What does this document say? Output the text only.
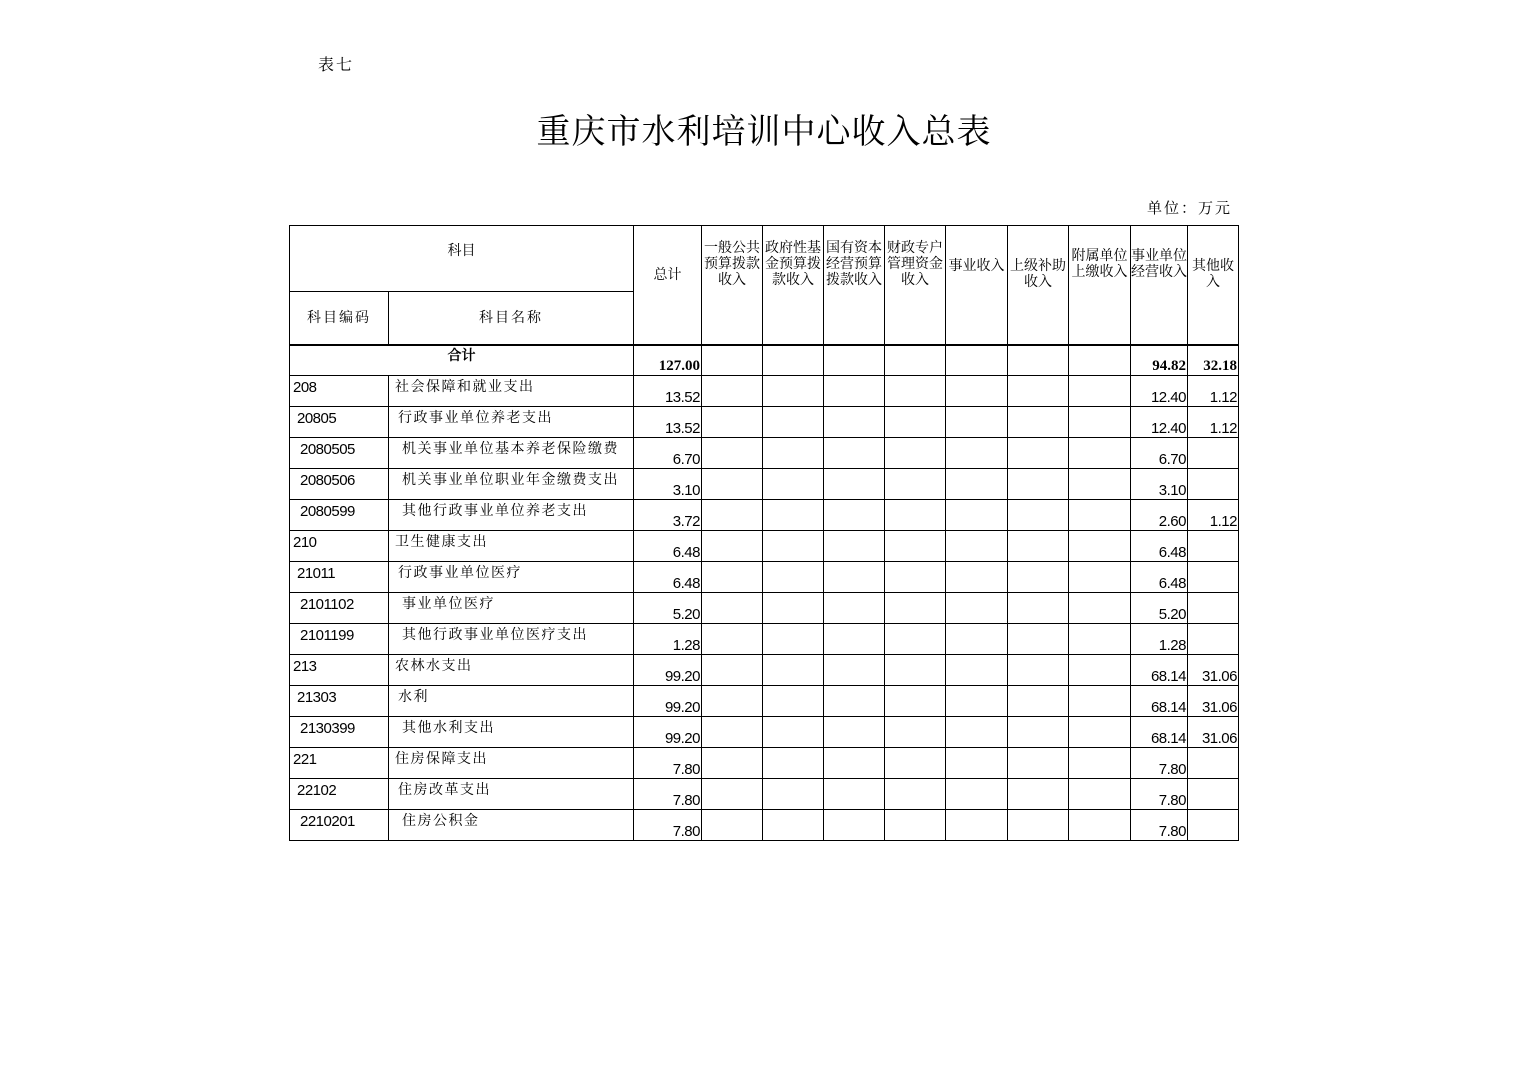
表七
重庆市水利培训中心收入总表
单位：万元
科目		总计	一般公共预算拨款收入	政府性基金预算拨款收入	国有资本经营预算拨款收入	财政专户管理资金收入	事业收入	上级补助收入	附属单位上缴收入	事业单位经营收入	其他收入
科目编码	科目名称										
合计		127.00								94.82	32.18
208	社会保障和就业支出	13.52								12.40	1.12
20805	行政事业单位养老支出	13.52								12.40	1.12
2080505	机关事业单位基本养老保险缴费	6.70								6.70	
2080506	机关事业单位职业年金缴费支出	3.10								3.10	
2080599	其他行政事业单位养老支出	3.72								2.60	1.12
210	卫生健康支出	6.48								6.48	
21011	行政事业单位医疗	6.48								6.48	
2101102	事业单位医疗	5.20								5.20	
2101199	其他行政事业单位医疗支出	1.28								1.28	
213	农林水支出	99.20								68.14	31.06
21303	水利	99.20								68.14	31.06
2130399	其他水利支出	99.20								68.14	31.06
221	住房保障支出	7.80								7.80	
22102	住房改革支出	7.80								7.80	
2210201	住房公积金	7.80								7.80	
